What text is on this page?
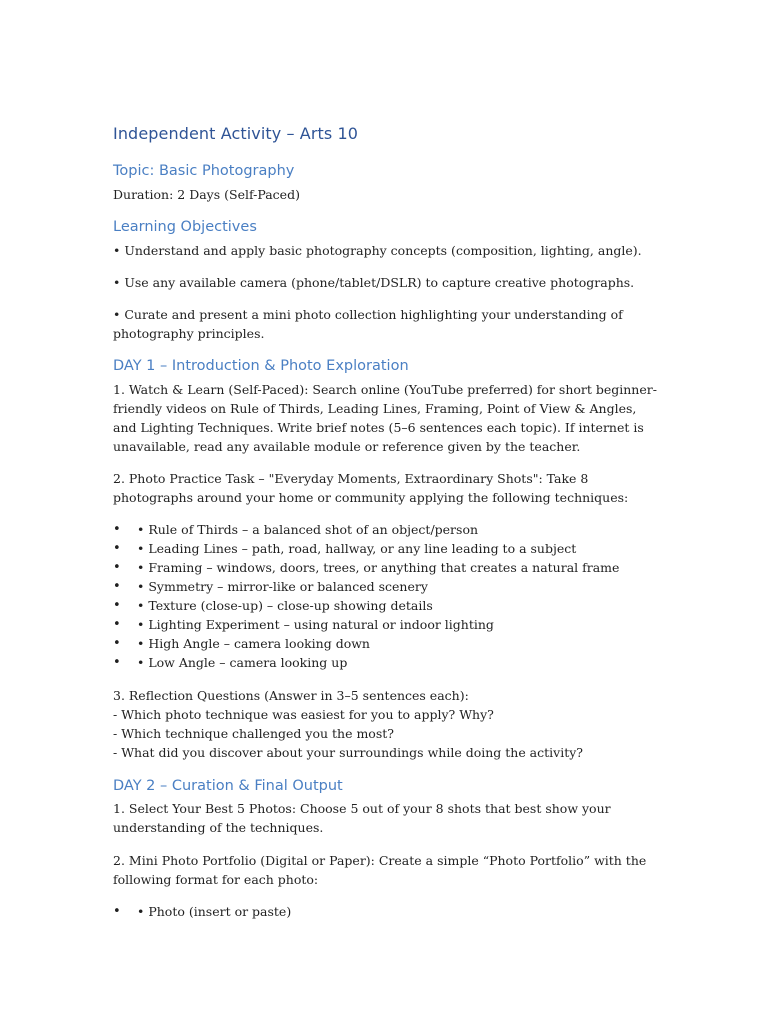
Independent Activity – Arts 10
Topic: Basic Photography

Duration: 2 Days (Self-Paced)

Learning Objectives

• Understand and apply basic photography concepts (composition, lighting, angle).

• Use any available camera (phone/tablet/DSLR) to capture creative photographs.

• Curate and present a mini photo collection highlighting your understanding of photography principles.

DAY 1 – Introduction & Photo Exploration

1. Watch & Learn (Self-Paced): Search online (YouTube preferred) for short beginner-friendly videos on Rule of Thirds, Leading Lines, Framing, Point of View & Angles, and Lighting Techniques. Write brief notes (5–6 sentences each topic). If internet is unavailable, read any available module or reference given by the teacher.

2. Photo Practice Task – "Everyday Moments, Extraordinary Shots": Take 8 photographs around your home or community applying the following techniques:

• • Rule of Thirds – a balanced shot of an object/person
• • Leading Lines – path, road, hallway, or any line leading to a subject
• • Framing – windows, doors, trees, or anything that creates a natural frame
• • Symmetry – mirror-like or balanced scenery
• • Texture (close-up) – close-up showing details
• • Lighting Experiment – using natural or indoor lighting
• • High Angle – camera looking down
• • Low Angle – camera looking up

3. Reflection Questions (Answer in 3–5 sentences each):

- Which photo technique was easiest for you to apply? Why?

- Which technique challenged you the most?

- What did you discover about your surroundings while doing the activity?

DAY 2 – Curation & Final Output

1. Select Your Best 5 Photos: Choose 5 out of your 8 shots that best show your understanding of the techniques.

2. Mini Photo Portfolio (Digital or Paper): Create a simple “Photo Portfolio” with the following format for each photo:

• • Photo (insert or paste)
